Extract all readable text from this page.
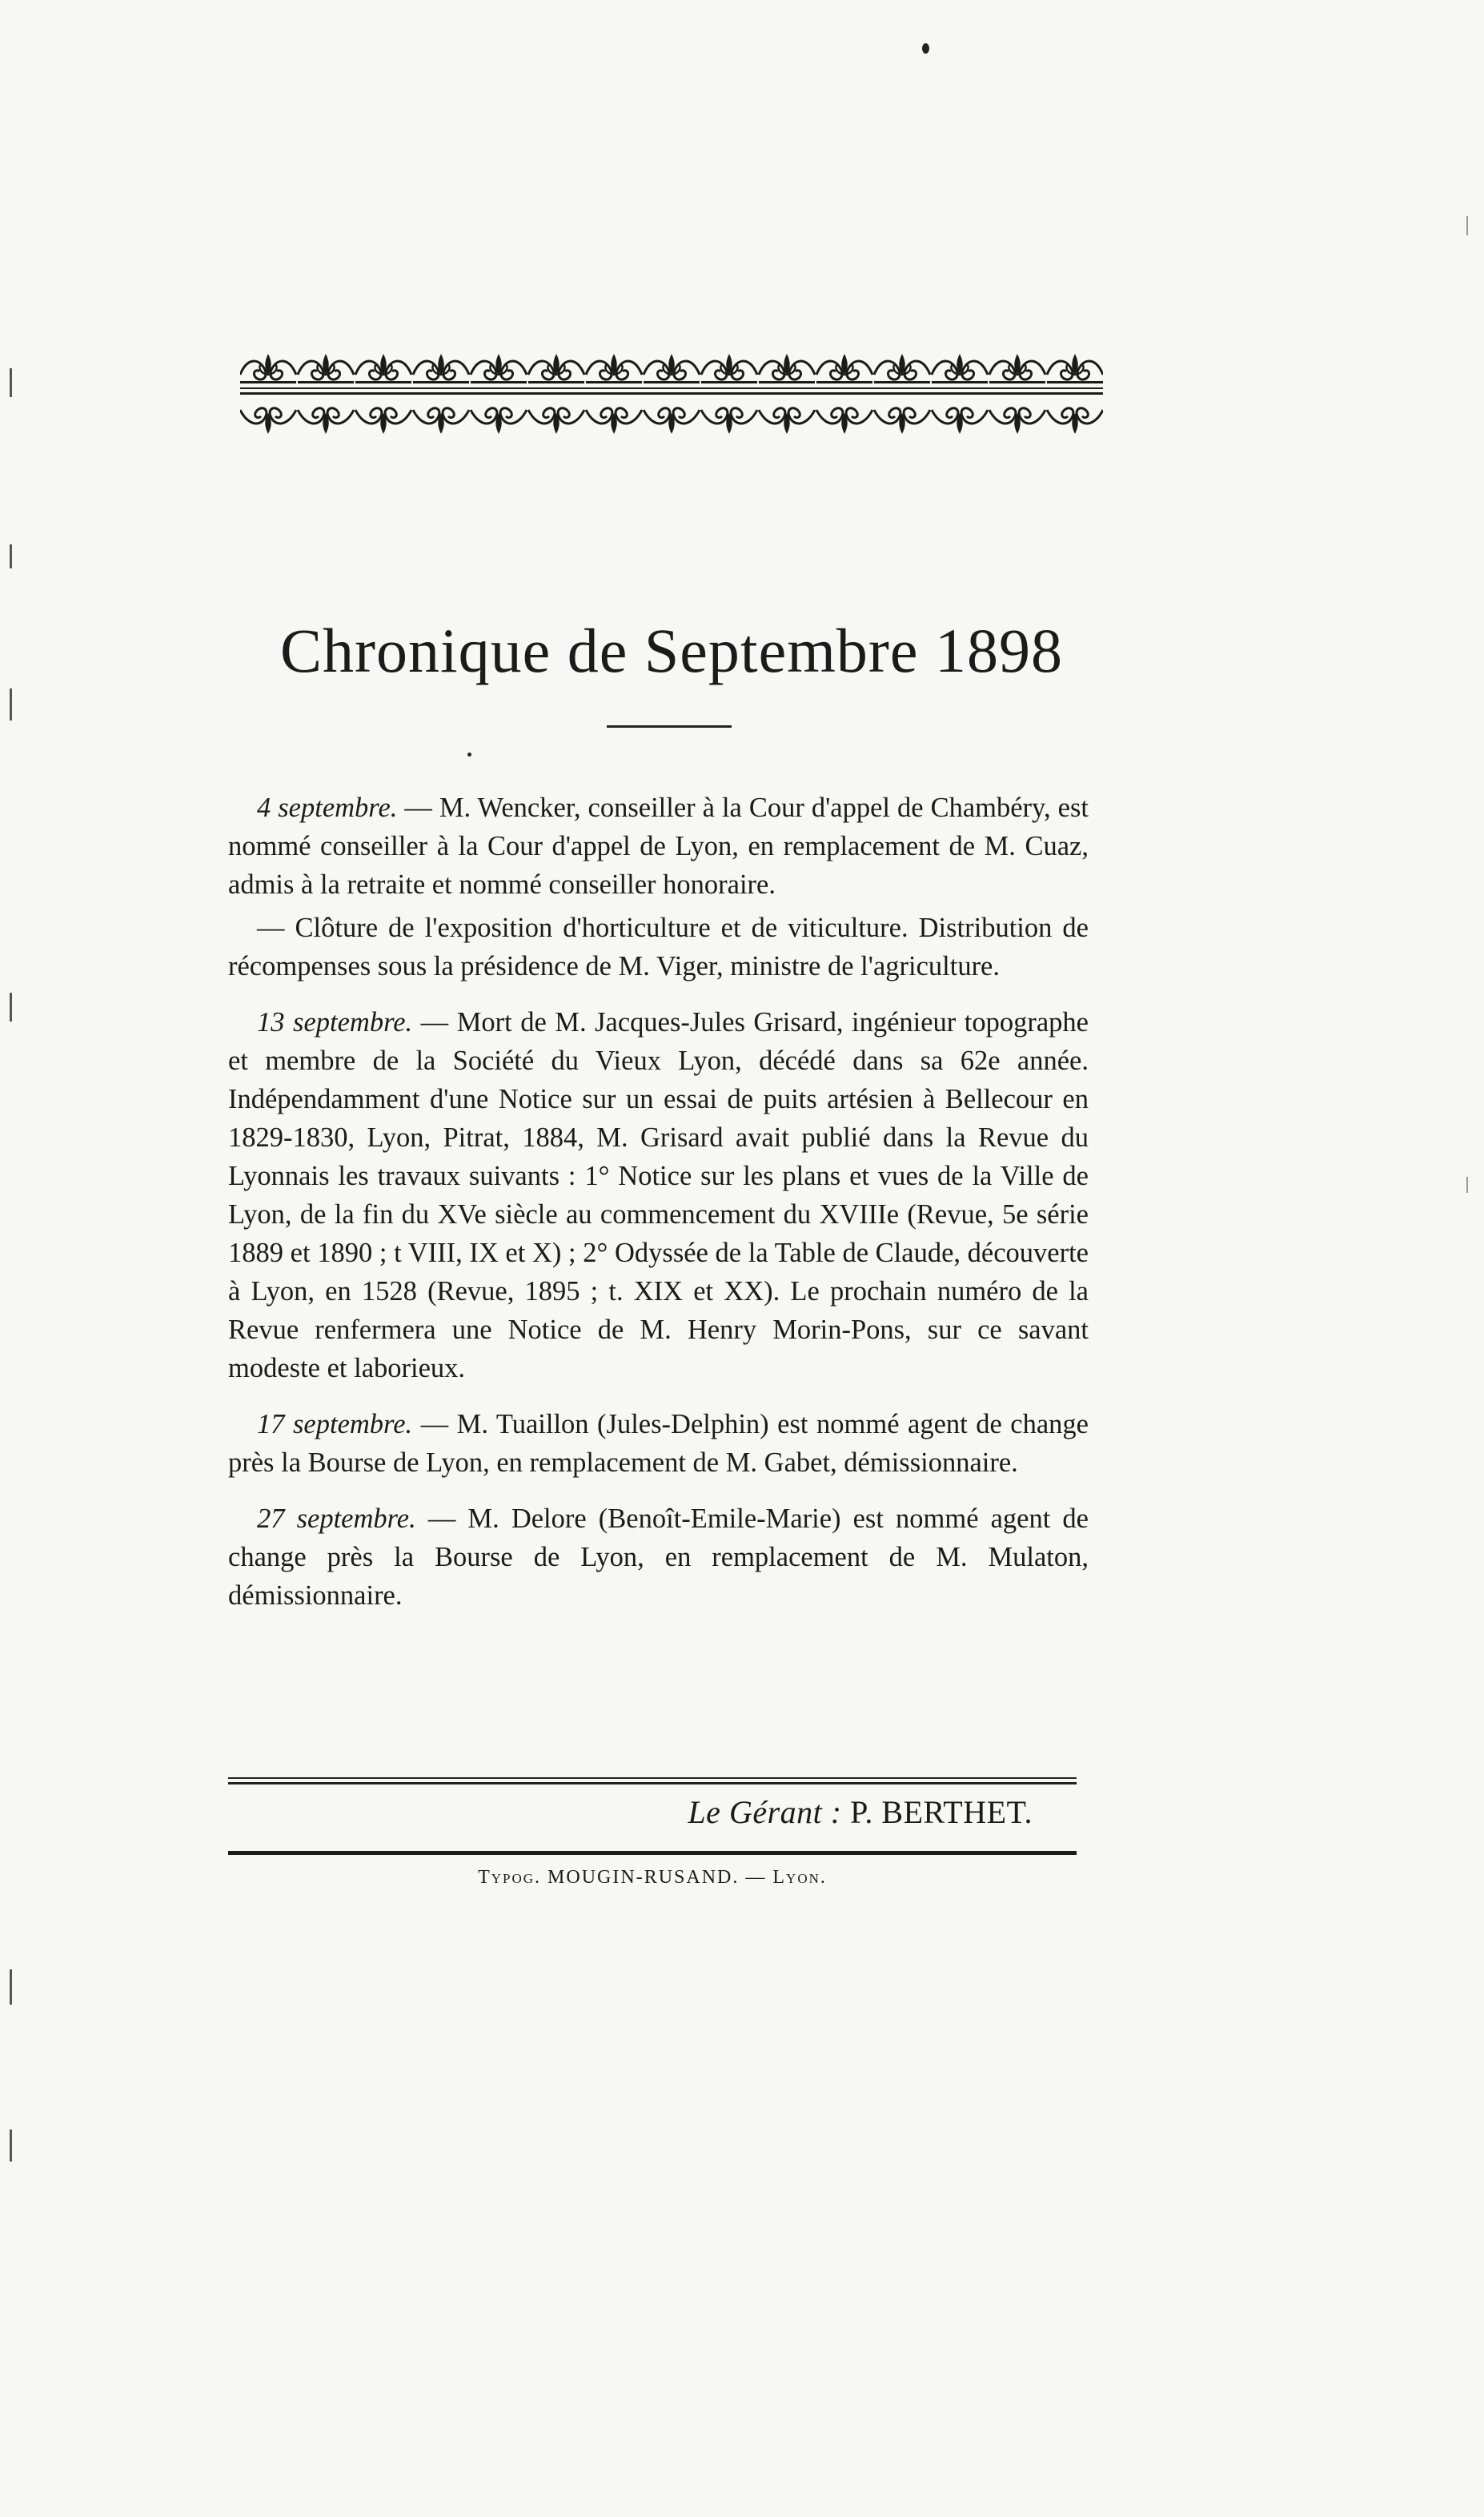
Chronique de Septembre 1898

4 septembre. — M. Wencker, conseiller à la Cour d'appel de Chambéry, est nommé conseiller à la Cour d'appel de Lyon, en remplacement de M. Cuaz, admis à la retraite et nommé conseiller honoraire.

— Clôture de l'exposition d'horticulture et de viticulture. Distribution de récompenses sous la présidence de M. Viger, ministre de l'agriculture.

13 septembre. — Mort de M. Jacques-Jules Grisard, ingénieur topographe et membre de la Société du Vieux Lyon, décédé dans sa 62e année. Indépendamment d'une Notice sur un essai de puits artésien à Bellecour en 1829-1830, Lyon, Pitrat, 1884, M. Grisard avait publié dans la Revue du Lyonnais les travaux suivants : 1° Notice sur les plans et vues de la Ville de Lyon, de la fin du XVe siècle au commencement du XVIIIe (Revue, 5e série 1889 et 1890 ; t VIII, IX et X) ; 2° Odyssée de la Table de Claude, découverte à Lyon, en 1528 (Revue, 1895 ; t. XIX et XX). Le prochain numéro de la Revue renfermera une Notice de M. Henry Morin-Pons, sur ce savant modeste et laborieux.

17 septembre. — M. Tuaillon (Jules-Delphin) est nommé agent de change près la Bourse de Lyon, en remplacement de M. Gabet, démissionnaire.

27 septembre. — M. Delore (Benoît-Emile-Marie) est nommé agent de change près la Bourse de Lyon, en remplacement de M. Mulaton, démissionnaire.

Le Gérant : P. BERTHET.
Typog. MOUGIN-RUSAND. — Lyon.
